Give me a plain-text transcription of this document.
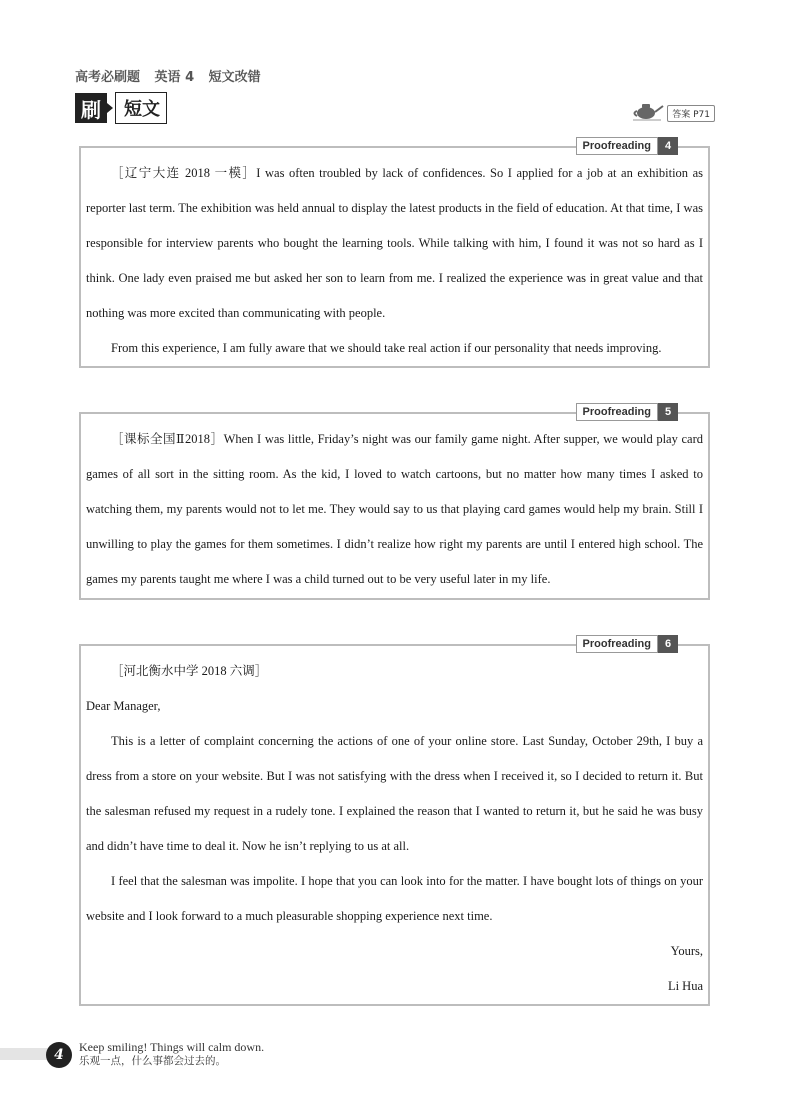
高考必刷题 英语 4 短文改错
刷	短文	答案 P71
Proofreading	4

［辽宁大连 2018 一模］I was often troubled by lack of confidences. So I applied for a job at an exhibition as reporter last term. The exhibition was held annual to display the latest products in the field of education. At that time, I was responsible for interview parents who bought the learning tools. While talking with him, I found it was not so hard as I think. One lady even praised me but asked her son to learn from me. I realized the experience was in great value and that nothing was more excited than communicating with people.

From this experience, I am fully aware that we should take real action if our personality that needs improving.

Proofreading	5

［课标全国Ⅱ2018］When I was little, Friday’s night was our family game night. After supper, we would play card games of all sort in the sitting room. As the kid, I loved to watch cartoons, but no matter how many times I asked to watching them, my parents would not to let me. They would say to us that playing card games would help my brain. Still I unwilling to play the games for them sometimes. I didn’t realize how right my parents are until I entered high school. The games my parents taught me where I was a child turned out to be very useful later in my life.

Proofreading	6

［河北衡水中学 2018 六调］

Dear Manager,

This is a letter of complaint concerning the actions of one of your online store. Last Sunday, October 29th, I buy a dress from a store on your website. But I was not satisfying with the dress when I received it, so I decided to return it. But the salesman refused my request in a rudely tone. I explained the reason that I wanted to return it, but he said he was busy and didn’t have time to deal it. Now he isn’t replying to us at all.

I feel that the salesman was impolite. I hope that you can look into for the matter. I have bought lots of things on your website and I look forward to a much pleasurable shopping experience next time.

Yours,

Li Hua

4	Keep smiling! Things will calm down.
乐观一点，什么事都会过去的。
